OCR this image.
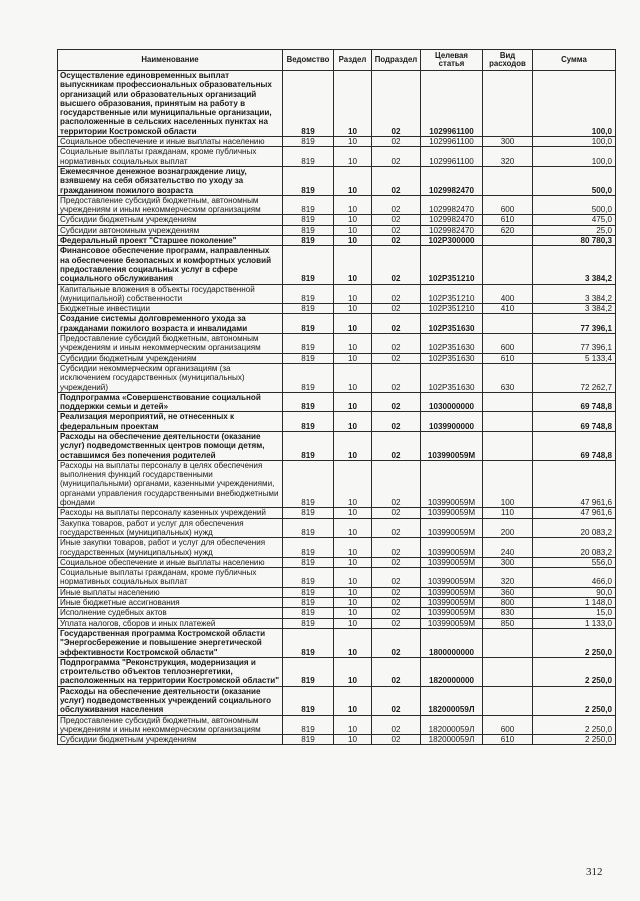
Наименование	Ведомство	Раздел	Подраздел	Целевая статья	Вид расходов	Сумма
Осуществление единовременных выплат выпускникам профессиональных образовательных организаций или образовательных организаций высшего образования, принятым на работу в государственные или муниципальные организации, расположенные в сельских населенных пунктах на территории Костромской области	819	10	02	1029961100		100,0
Социальное обеспечение и иные выплаты населению	819	10	02	1029961100	300	100,0
Социальные выплаты гражданам, кроме публичных нормативных социальных выплат	819	10	02	1029961100	320	100,0
Ежемесячное денежное вознаграждение лицу, взявшему на себя обязательство по уходу за гражданином пожилого возраста	819	10	02	1029982470		500,0
Предоставление субсидий бюджетным, автономным учреждениям и иным некоммерческим организациям	819	10	02	1029982470	600	500,0
Субсидии бюджетным учреждениям	819	10	02	1029982470	610	475,0
Субсидии автономным учреждениям	819	10	02	1029982470	620	25,0
Федеральный проект "Старшее поколение"	819	10	02	102P300000		80 780,3
Финансовое обеспечение программ, направленных на обеспечение безопасных и комфортных условий предоставления социальных услуг в сфере социального обслуживания	819	10	02	102P351210		3 384,2
Капитальные вложения в объекты государственной (муниципальной) собственности	819	10	02	102P351210	400	3 384,2
Бюджетные инвестиции	819	10	02	102P351210	410	3 384,2
Создание системы долговременного ухода за гражданами пожилого возраста и инвалидами	819	10	02	102P351630		77 396,1
Предоставление субсидий бюджетным, автономным учреждениям и иным некоммерческим организациям	819	10	02	102P351630	600	77 396,1
Субсидии бюджетным учреждениям	819	10	02	102P351630	610	5 133,4
Субсидии некоммерческим организациям (за исключением государственных (муниципальных) учреждений)	819	10	02	102P351630	630	72 262,7
Подпрограмма «Совершенствование социальной поддержки семьи и детей»	819	10	02	1030000000		69 748,8
Реализация мероприятий, не отнесенных к федеральным проектам	819	10	02	1039900000		69 748,8
Расходы на обеспечение деятельности (оказание услуг) подведомственных центров помощи детям, оставшимся без попечения родителей	819	10	02	103990059М		69 748,8
Расходы на выплаты персоналу в целях обеспечения выполнения функций государственными (муниципальными) органами, казенными учреждениями, органами управления государственными внебюджетными фондами	819	10	02	103990059М	100	47 961,6
Расходы на выплаты персоналу казенных учреждений	819	10	02	103990059М	110	47 961,6
Закупка товаров, работ и услуг для обеспечения государственных (муниципальных) нужд	819	10	02	103990059М	200	20 083,2
Иные закупки товаров, работ и услуг для обеспечения государственных (муниципальных) нужд	819	10	02	103990059М	240	20 083,2
Социальное обеспечение и иные выплаты населению	819	10	02	103990059М	300	556,0
Социальные выплаты гражданам, кроме публичных нормативных социальных выплат	819	10	02	103990059М	320	466,0
Иные выплаты населению	819	10	02	103990059М	360	90,0
Иные бюджетные ассигнования	819	10	02	103990059М	800	1 148,0
Исполнение судебных актов	819	10	02	103990059М	830	15,0
Уплата налогов, сборов и иных платежей	819	10	02	103990059М	850	1 133,0
Государственная программа Костромской области "Энергосбережение и повышение энергетической эффективности Костромской области"	819	10	02	1800000000		2 250,0
Подпрограмма "Реконструкция, модернизация и строительство объектов теплоэнергетики, расположенных на территории Костромской области"	819	10	02	1820000000		2 250,0
Расходы на обеспечение деятельности (оказание услуг) подведомственных учреждений социального обслуживания населения	819	10	02	182000059Л		2 250,0
Предоставление субсидий бюджетным, автономным учреждениям и иным некоммерческим организациям	819	10	02	182000059Л	600	2 250,0
Субсидии бюджетным учреждениям	819	10	02	182000059Л	610	2 250,0
312
